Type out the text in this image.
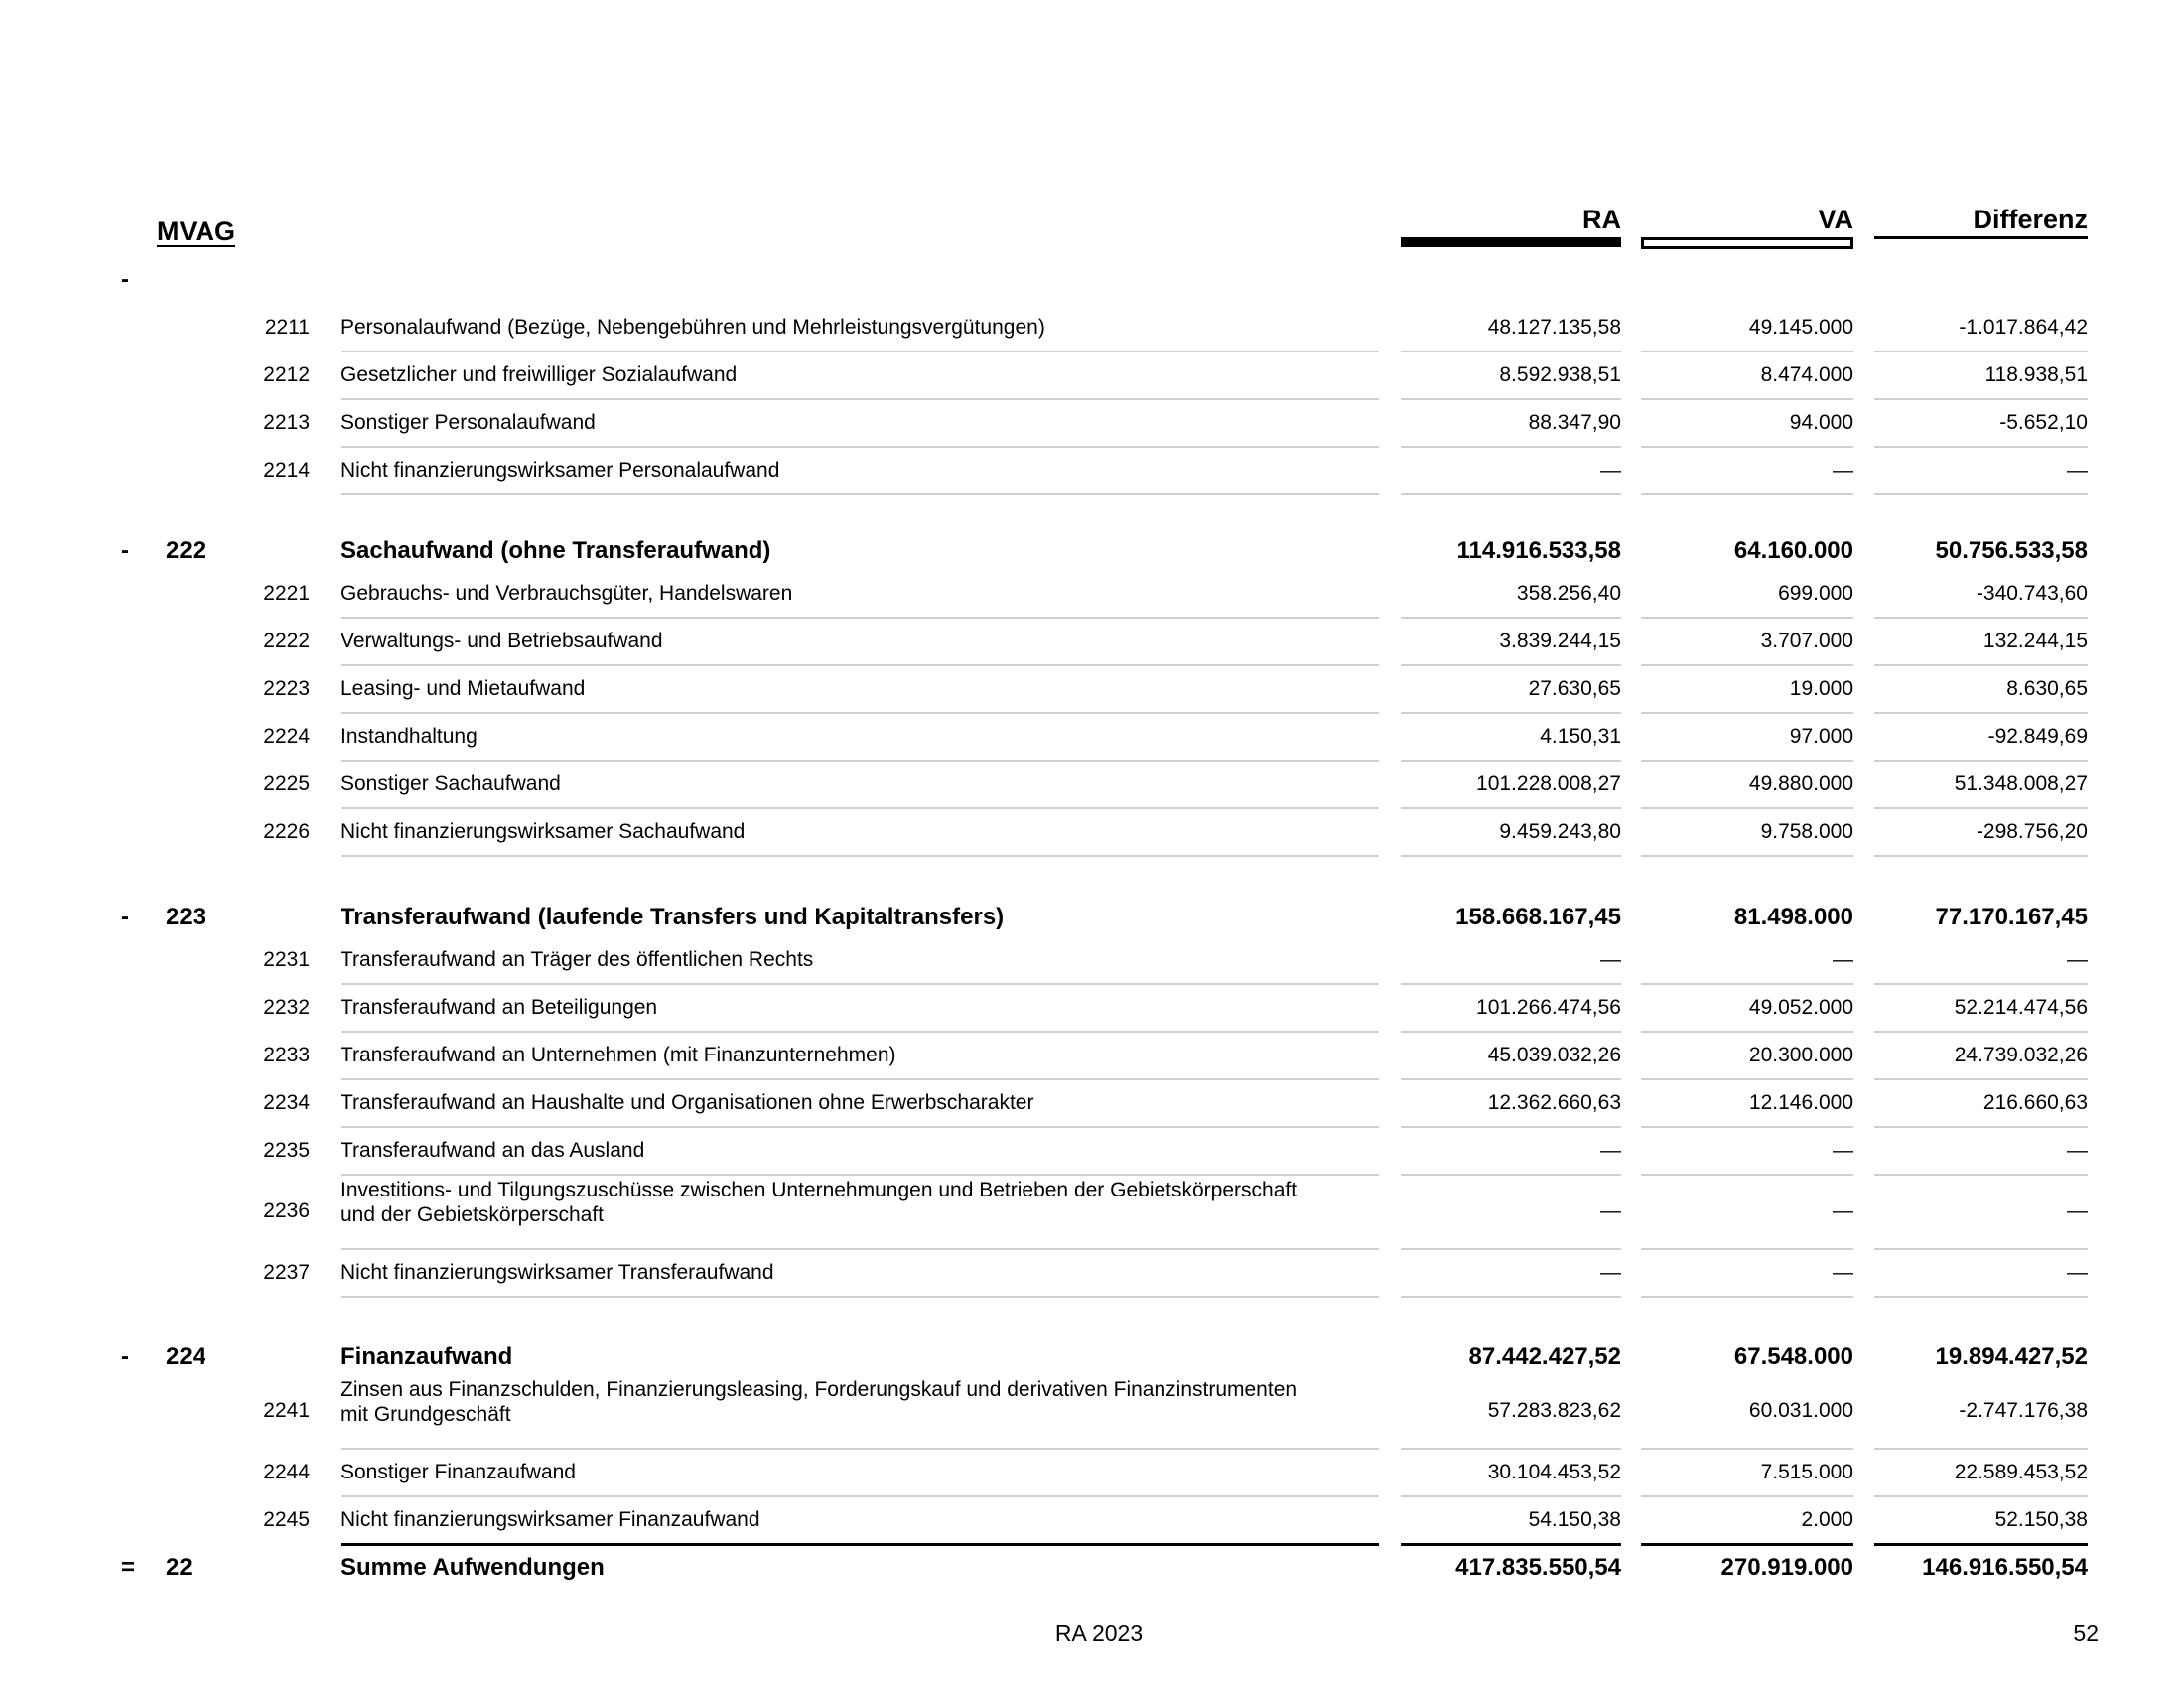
MVAG	RA	VA	Differenz
-
2211 Personalaufwand (Bezüge, Nebengebühren und Mehrleistungsvergütungen)	48.127.135,58	49.145.000	-1.017.864,42
2212 Gesetzlicher und freiwilliger Sozialaufwand	8.592.938,51	8.474.000	118.938,51
2213 Sonstiger Personalaufwand	88.347,90	94.000	-5.652,10
2214 Nicht finanzierungswirksamer Personalaufwand	—	—	—
-	222	Sachaufwand (ohne Transferaufwand)	114.916.533,58	64.160.000	50.756.533,58
2221 Gebrauchs- und Verbrauchsgüter, Handelswaren	358.256,40	699.000	-340.743,60
2222 Verwaltungs- und Betriebsaufwand	3.839.244,15	3.707.000	132.244,15
2223 Leasing- und Mietaufwand	27.630,65	19.000	8.630,65
2224 Instandhaltung	4.150,31	97.000	-92.849,69
2225 Sonstiger Sachaufwand	101.228.008,27	49.880.000	51.348.008,27
2226 Nicht finanzierungswirksamer Sachaufwand	9.459.243,80	9.758.000	-298.756,20
-	223	Transferaufwand (laufende Transfers und Kapitaltransfers)	158.668.167,45	81.498.000	77.170.167,45
2231 Transferaufwand an Träger des öffentlichen Rechts	—	—	—
2232 Transferaufwand an Beteiligungen	101.266.474,56	49.052.000	52.214.474,56
2233 Transferaufwand an Unternehmen (mit Finanzunternehmen)	45.039.032,26	20.300.000	24.739.032,26
2234 Transferaufwand an Haushalte und Organisationen ohne Erwerbscharakter	12.362.660,63	12.146.000	216.660,63
2235 Transferaufwand an das Ausland	—	—	—
2236
Investitions- und Tilgungszuschüsse zwischen Unternehmungen und Betrieben der Gebietskörperschaft
und der Gebietskörperschaft	—	—	—
2237 Nicht finanzierungswirksamer Transferaufwand	—	—	—
-	224	Finanzaufwand	87.442.427,52	67.548.000	19.894.427,52
2241
Zinsen aus Finanzschulden, Finanzierungsleasing, Forderungskauf und derivativen Finanzinstrumenten
mit Grundgeschäft	57.283.823,62	60.031.000	-2.747.176,38
2244 Sonstiger Finanzaufwand	30.104.453,52	7.515.000	22.589.453,52
2245 Nicht finanzierungswirksamer Finanzaufwand	54.150,38	2.000	52.150,38
= 22	Summe Aufwendungen	417.835.550,54	270.919.000	146.916.550,54
RA 2023	52
